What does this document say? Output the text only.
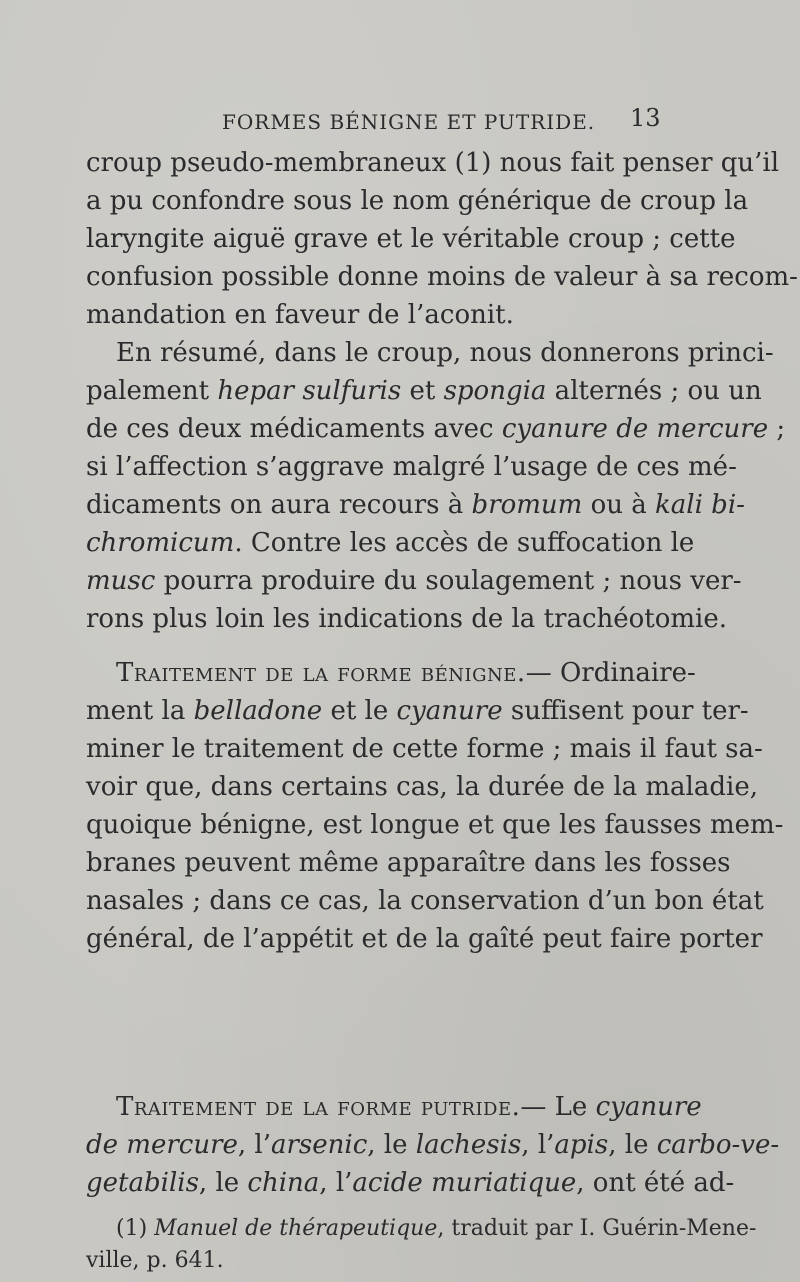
FORMES BÉNIGNE ET PUTRIDE. 13
croup pseudo-membraneux (1) nous fait penser qu’il
a pu confondre sous le nom générique de croup la
laryngite aiguë grave et le véritable croup ; cette
confusion possible donne moins de valeur à sa recom-
mandation en faveur de l’aconit.
En résumé, dans le croup, nous donnerons princi-
palement hepar sulfuris et spongia alternés ; ou un
de ces deux médicaments avec cyanure de mercure ;
si l’affection s’aggrave malgré l’usage de ces mé-
dicaments on aura recours à bromum ou à kali bi-
chromicum. Contre les accès de suffocation le
musc pourra produire du soulagement ; nous ver-
rons plus loin les indications de la trachéotomie.
Traitement de la forme bénigne.— Ordinaire-
ment la belladone et le cyanure suffisent pour ter-
miner le traitement de cette forme ; mais il faut sa-
voir que, dans certains cas, la durée de la maladie,
quoique bénigne, est longue et que les fausses mem-
branes peuvent même apparaître dans les fosses
nasales ; dans ce cas, la conservation d’un bon état
général, de l’appétit et de la gaîté peut faire porter
Traitement de la forme putride.— Le cyanure
de mercure, l’arsenic, le lachesis, l’apis, le carbo-ve-
getabilis, le china, l’acide muriatique, ont été ad-
(1) Manuel de thérapeutique, traduit par I. Guérin-Mene-
ville, p. 641.
